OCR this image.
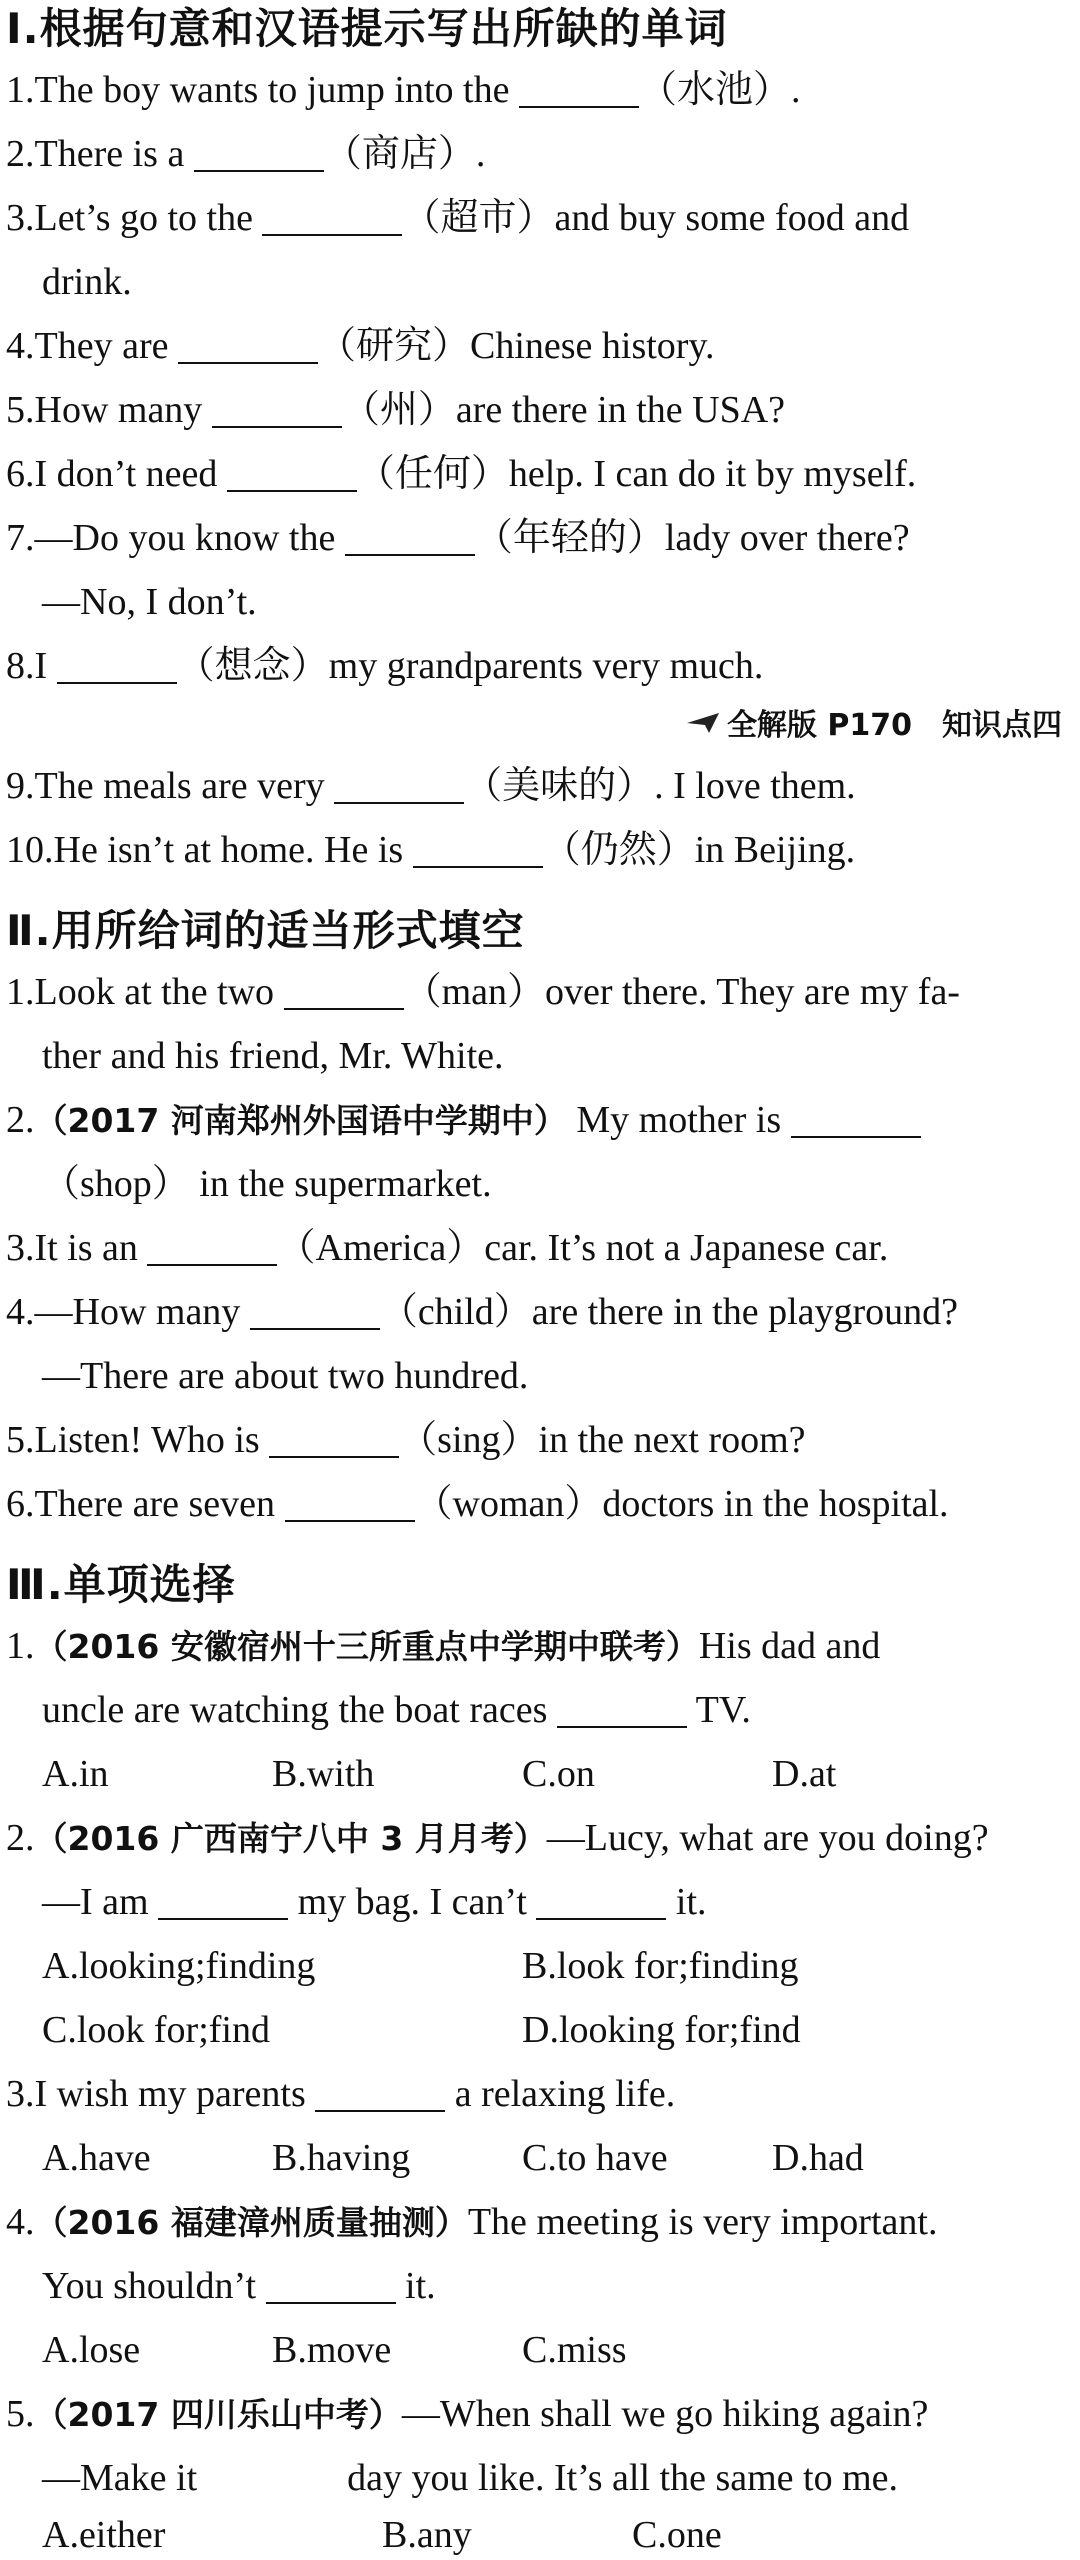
Ⅰ.根据句意和汉语提示写出所缺的单词
1.The boy wants to jump into the	（水池）.
2.There is a	（商店）.
3.Let’s go to the	（超市）and buy some food and
drink.
4.They are	（研究）Chinese history.
5.How many	（州）are there in the USA?
6.I don’t need	（任何）help. I can do it by myself.
7.—Do you know the	（年轻的）lady over there?
—No, I don’t.
8.I	（想念）my grandparents very much.
全解版 P170　知识点四
9.The meals are very	（美味的）. I love them.
10.He isn’t at home. He is	（仍然）in Beijing.
Ⅱ.用所给词的适当形式填空
1.Look at the two	（man）over there. They are my fa-
ther and his friend, Mr. White.
2.（2017 河南郑州外国语中学期中） My mother is
（shop） in the supermarket.
3.It is an	（America）car. It’s not a Japanese car.
4.—How many	（child）are there in the playground?
—There are about two hundred.
5.Listen! Who is	（sing）in the next room?
6.There are seven	（woman）doctors in the hospital.
Ⅲ.单项选择
1.（2016 安徽宿州十三所重点中学期中联考）His dad and
uncle are watching the boat races	TV.
A.in	B.with	C.on	D.at
2.（2016 广西南宁八中 3 月月考）—Lucy, what are you doing?
—I am	my bag. I can’t	it.
A.looking;finding	B.look for;finding
C.look for;find	D.looking for;find
3.I wish my parents	a relaxing life.
A.have	B.having	C.to have	D.had
4.（2016 福建漳州质量抽测）The meeting is very important.
You shouldn’t	it.
A.lose	B.move	C.miss
5.（2017 四川乐山中考）—When shall we go hiking again?
—Make it	day you like. It’s all the same to me.
A.either	B.any	C.one
